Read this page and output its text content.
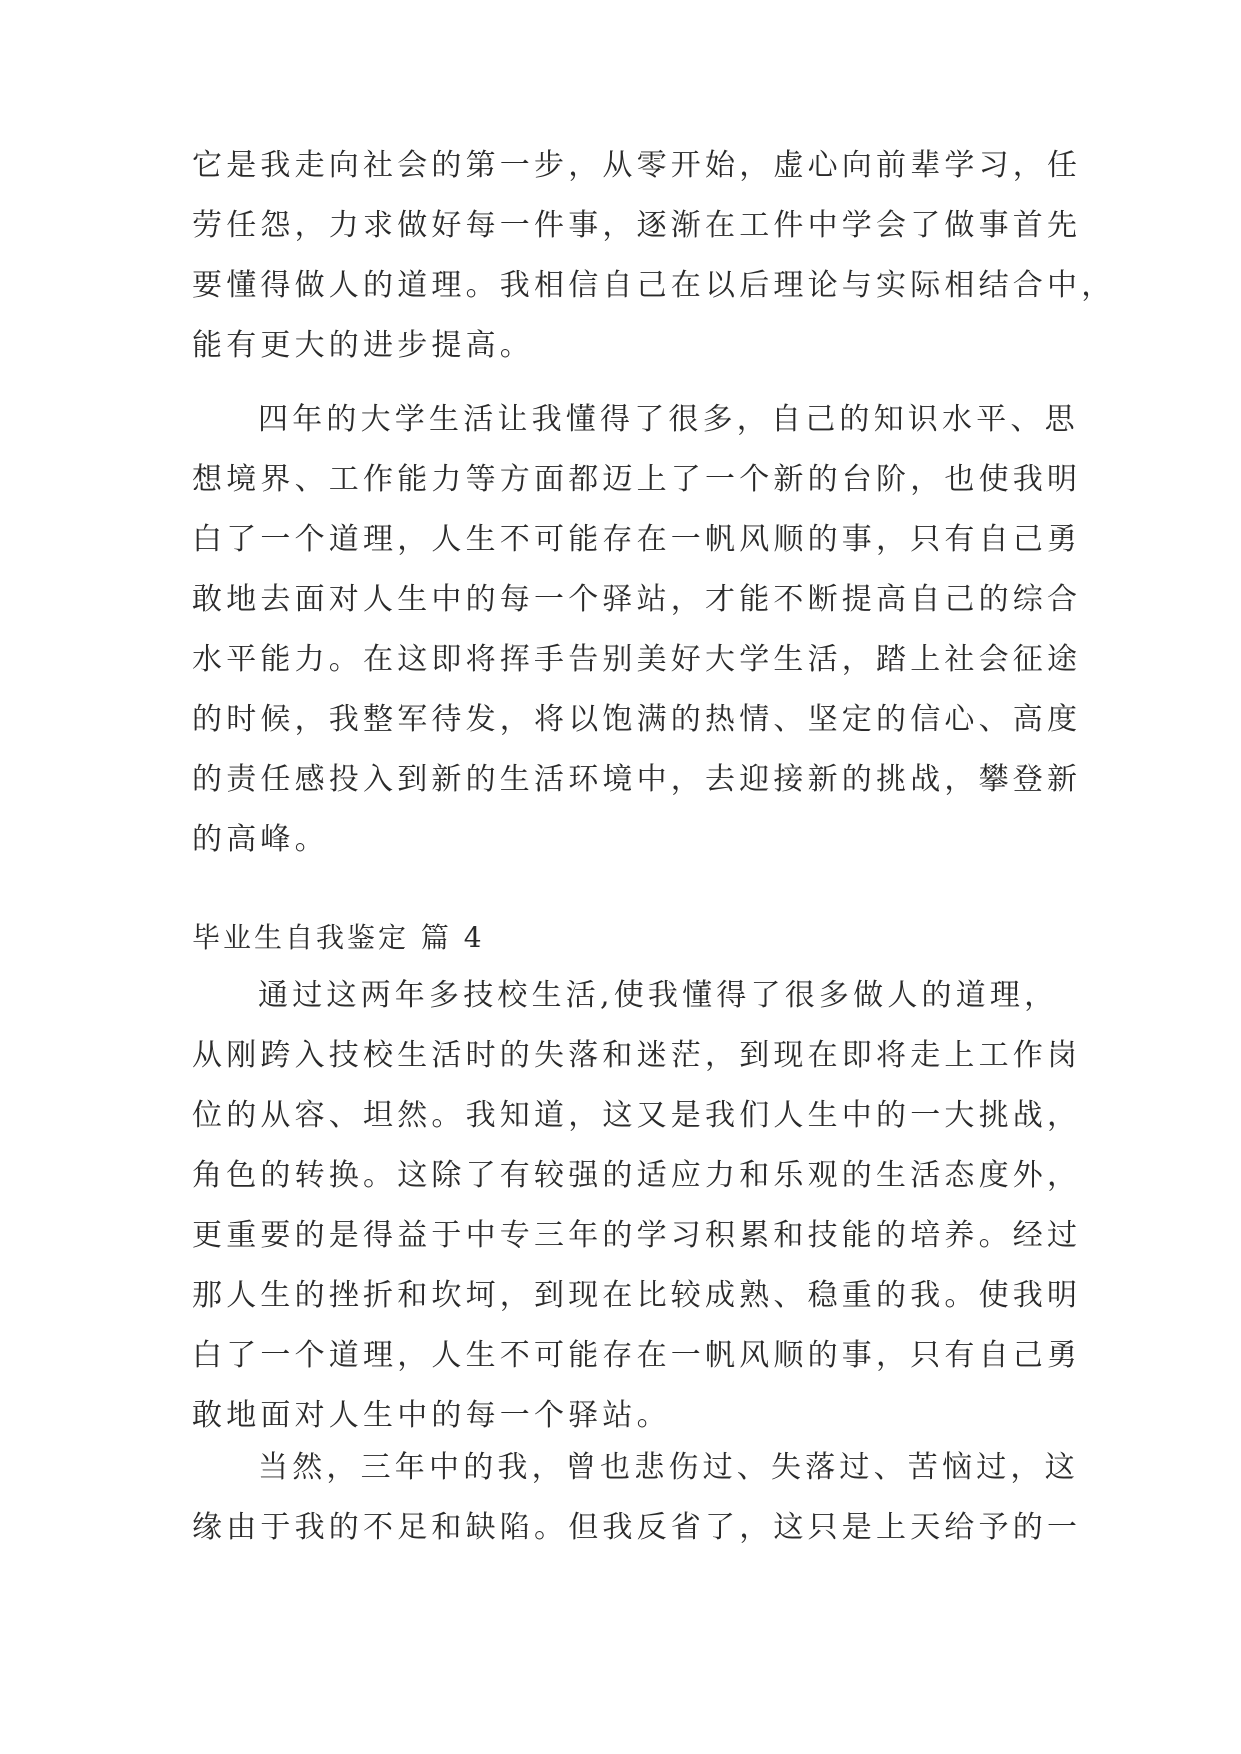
它是我走向社会的第一步，从零开始，虚心向前辈学习，任
劳任怨，力求做好每一件事，逐渐在工件中学会了做事首先
要懂得做人的道理。我相信自己在以后理论与实际相结合中，
能有更大的进步提高。
四年的大学生活让我懂得了很多，自己的知识水平、思
想境界、工作能力等方面都迈上了一个新的台阶，也使我明
白了一个道理，人生不可能存在一帆风顺的事，只有自己勇
敢地去面对人生中的每一个驿站，才能不断提高自己的综合
水平能力。在这即将挥手告别美好大学生活，踏上社会征途
的时候，我整军待发，将以饱满的热情、坚定的信心、高度
的责任感投入到新的生活环境中，去迎接新的挑战，攀登新
的高峰。
毕业生自我鉴定 篇 4
通过这两年多技校生活,使我懂得了很多做人的道理，
从刚跨入技校生活时的失落和迷茫，到现在即将走上工作岗
位的从容、坦然。我知道，这又是我们人生中的一大挑战，
角色的转换。这除了有较强的适应力和乐观的生活态度外，
更重要的是得益于中专三年的学习积累和技能的培养。经过
那人生的挫折和坎坷，到现在比较成熟、稳重的我。使我明
白了一个道理，人生不可能存在一帆风顺的事，只有自己勇
敢地面对人生中的每一个驿站。
当然，三年中的我，曾也悲伤过、失落过、苦恼过，这
缘由于我的不足和缺陷。但我反省了，这只是上天给予的一
